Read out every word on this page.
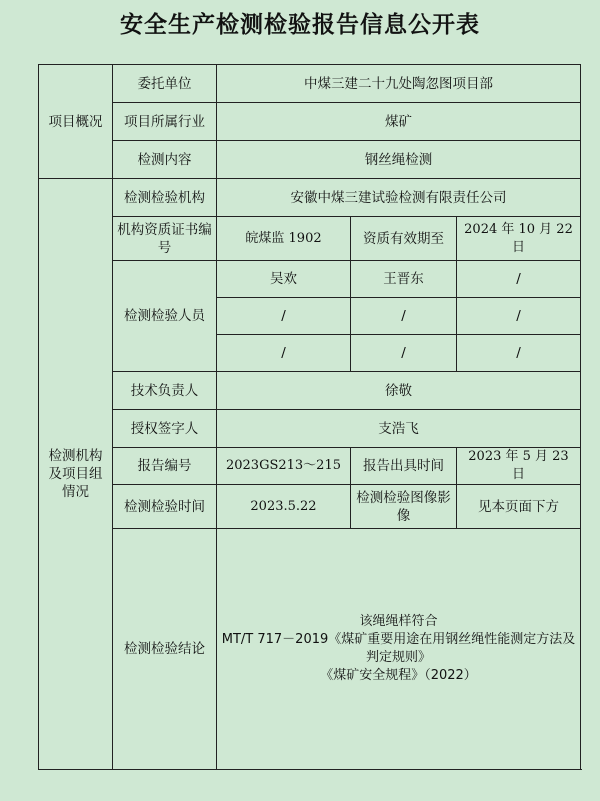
安全生产检测检验报告信息公开表
项目概况	委托单位	中煤三建二十九处陶忽图项目部		
	项目所属行业	煤矿		
	检测内容	钢丝绳检测		
检测机构及项目组情况	检测检验机构	安徽中煤三建试验检测有限责任公司		
	机构资质证书编号	皖煤监 1902	资质有效期至	2024 年 10 月 22 日
	检测检验人员	吴欢	王晋东	/
		/	/	/
		/	/	/
	技术负责人	徐敬		
	授权签字人	支浩飞		
	报告编号	2023GS213～215	报告出具时间	2023 年 5 月 23 日
	检测检验时间	2023.5.22	检测检验图像影像	见本页面下方
	检测检验结论	该绳绳样符合
MT/T 717－2019《煤矿重要用途在用钢丝绳性能测定方法及判定规则》
《煤矿安全规程》（2022）		
